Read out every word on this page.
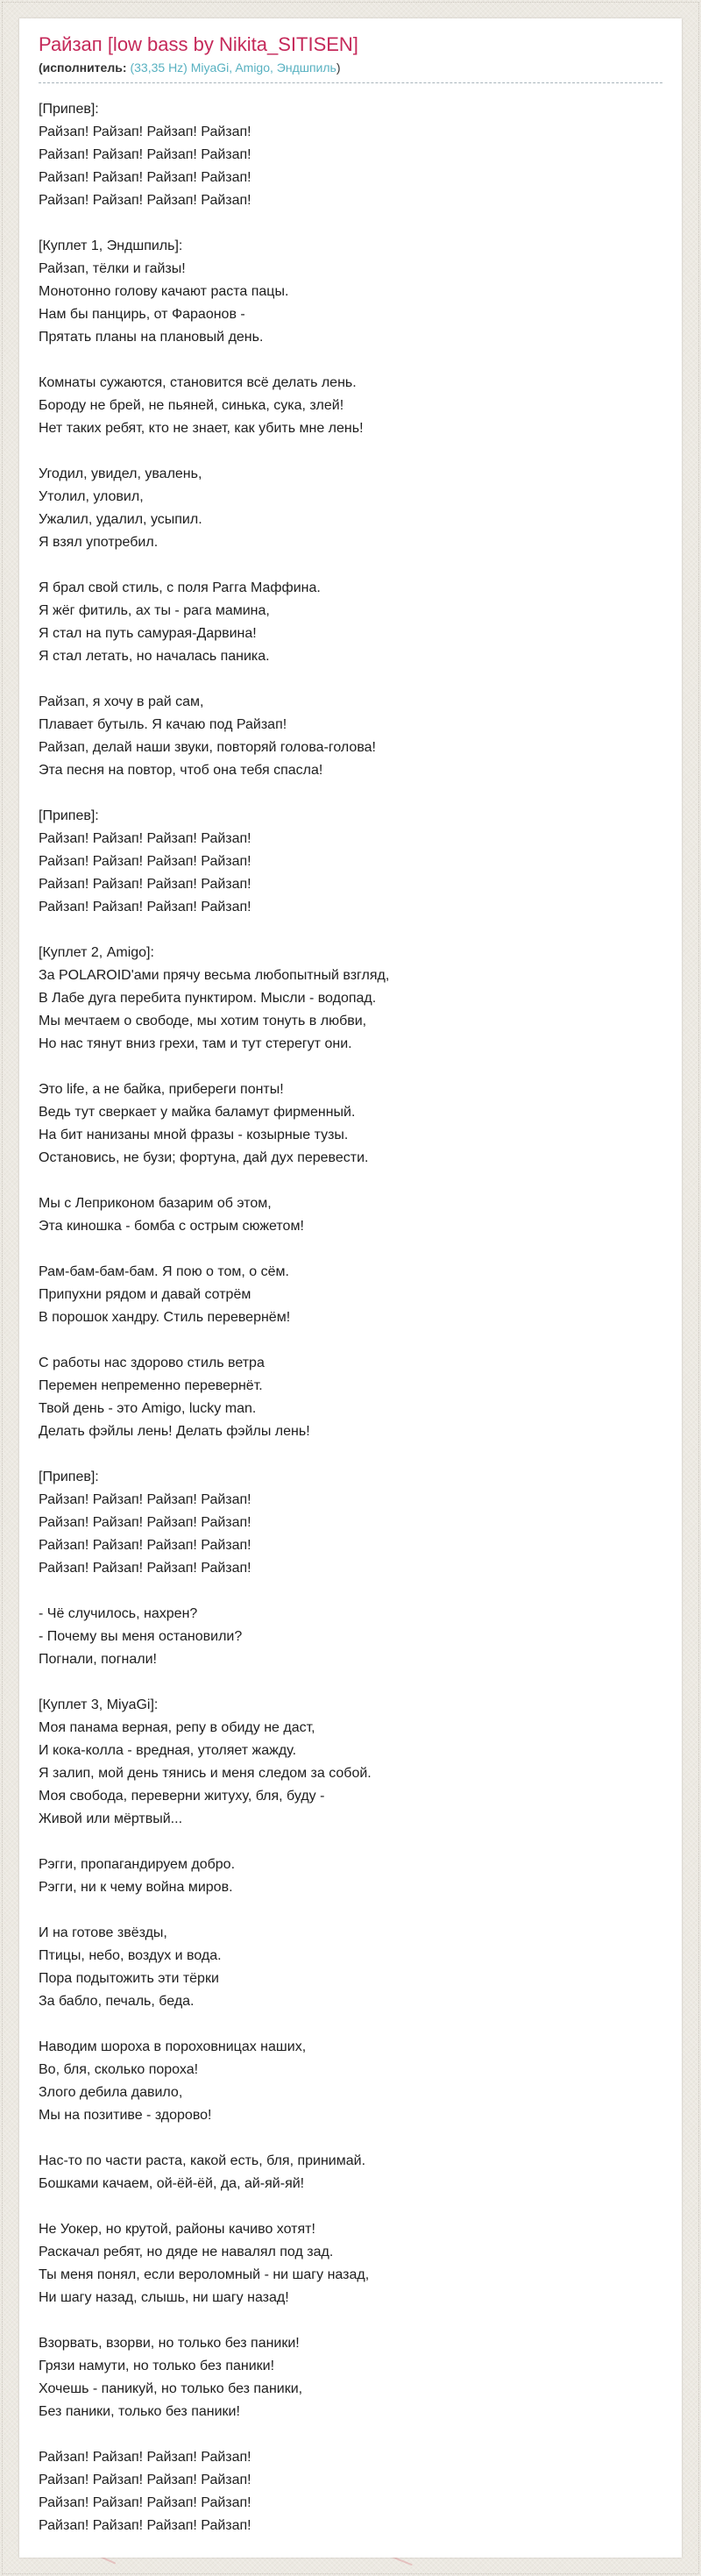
Райзап [low bass by Nikita_SITISEN]
(исполнитель: (33,35 Hz) MiyaGi, Amigo, Эндшпиль)
[Припев]:
Райзап! Райзап! Райзап! Райзап!
Райзап! Райзап! Райзап! Райзап!
Райзап! Райзап! Райзап! Райзап!
Райзап! Райзап! Райзап! Райзап!
[Куплет 1, Эндшпиль]:
Райзап, тёлки и гайзы!
Монотонно голову качают раста пацы.
Нам бы панцирь, от Фараонов -
Прятать планы на плановый день.
Комнаты сужаются, становится всё делать лень.
Бороду не брей, не пьяней, синька, сука, злей!
Нет таких ребят, кто не знает, как убить мне лень!
Угодил, увидел, увалень,
Утолил, уловил,
Ужалил, удалил, усыпил.
Я взял употребил.
Я брал свой стиль, с поля Рагга Маффина.
Я жёг фитиль, ах ты - рага мамина,
Я стал на путь самурая-Дарвина!
Я стал летать, но началась паника.
Райзап, я хочу в рай сам,
Плавает бутыль. Я качаю под Райзап!
Райзап, делай наши звуки, повторяй голова-голова!
Эта песня на повтор, чтоб она тебя спасла!
[Припев]:
Райзап! Райзап! Райзап! Райзап!
Райзап! Райзап! Райзап! Райзап!
Райзап! Райзап! Райзап! Райзап!
Райзап! Райзап! Райзап! Райзап!
[Куплет 2, Amigo]:
За POLAROID'ами прячу весьма любопытный взгляд,
В Лабе дуга перебита пунктиром. Мысли - водопад.
Мы мечтаем о свободе, мы хотим тонуть в любви,
Но нас тянут вниз грехи, там и тут стерегут они.
Это life, а не байка, прибереги понты!
Ведь тут сверкает у майка баламут фирменный.
На бит нанизаны мной фразы - козырные тузы.
Остановись, не бузи; фортуна, дай дух перевести.
Мы с Леприконом базарим об этом,
Эта киношка - бомба с острым сюжетом!
Рам-бам-бам-бам. Я пою о том, о сём.
Припухни рядом и давай сотрём
В порошок хандру. Стиль перевернём!
С работы нас здорово стиль ветра
Перемен непременно перевернёт.
Твой день - это Amigo, lucky man.
Делать фэйлы лень! Делать фэйлы лень!
[Припев]:
Райзап! Райзап! Райзап! Райзап!
Райзап! Райзап! Райзап! Райзап!
Райзап! Райзап! Райзап! Райзап!
Райзап! Райзап! Райзап! Райзап!
- Чё случилось, нахрен?
- Почему вы меня остановили?
Погнали, погнали!
[Куплет 3, MiyaGi]:
Моя панама верная, репу в обиду не даст,
И кока-колла - вредная, утоляет жажду.
Я залип, мой день тянись и меня следом за собой.
Моя свобода, переверни житуху, бля, буду -
Живой или мёртвый...
Рэгги, пропагандируем добро.
Рэгги, ни к чему война миров.
И на готове звёзды,
Птицы, небо, воздух и вода.
Пора подытожить эти тёрки
За бабло, печаль, беда.
Наводим шороха в пороховницах наших,
Во, бля, сколько пороха!
Злого дебила давило,
Мы на позитиве - здорово!
Нас-то по части раста, какой есть, бля, принимай.
Бошками качаем, ой-ёй-ёй, да, ай-яй-яй!
Не Уокер, но крутой, районы качиво хотят!
Раскачал ребят, но дяде не навалял под зад.
Ты меня понял, если вероломный - ни шагу назад,
Ни шагу назад, слышь, ни шагу назад!
Взорвать, взорви, но только без паники!
Грязи намути, но только без паники!
Хочешь - паникуй, но только без паники,
Без паники, только без паники!
Райзап! Райзап! Райзап! Райзап!
Райзап! Райзап! Райзап! Райзап!
Райзап! Райзап! Райзап! Райзап!
Райзап! Райзап! Райзап! Райзап!
